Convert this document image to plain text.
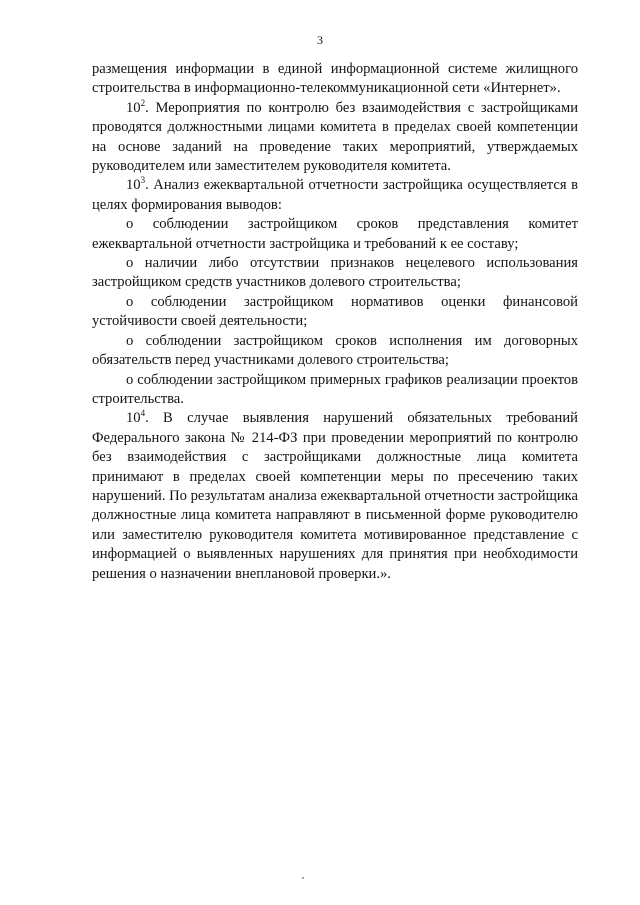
3

размещения информации в единой информационной системе жилищного строительства в информационно-телекоммуникационной сети «Интернет».

$10^2$. Мероприятия по контролю без взаимодействия с застройщиками проводятся должностными лицами комитета в пределах своей компетенции на основе заданий на проведение таких мероприятий, утверждаемых руководителем или заместителем руководителя комитета.

$10^3$. Анализ ежеквартальной отчетности застройщика осуществляется в целях формирования выводов:

о соблюдении застройщиком сроков представления комитет ежеквартальной отчетности застройщика и требований к ее составу;

о наличии либо отсутствии признаков нецелевого использования застройщиком средств участников долевого строительства;

о соблюдении застройщиком нормативов оценки финансовой устойчивости своей деятельности;

о соблюдении застройщиком сроков исполнения им договорных обязательств перед участниками долевого строительства;

о соблюдении застройщиком примерных графиков реализации проектов строительства.

$10^4$. В случае выявления нарушений обязательных требований Федерального закона № 214-ФЗ при проведении мероприятий по контролю без взаимодействия с застройщиками должностные лица комитета принимают в пределах своей компетенции меры по пресечению таких нарушений. По результатам анализа ежеквартальной отчетности застройщика должностные лица комитета направляют в письменной форме руководителю или заместителю руководителя комитета мотивированное представление с информацией о выявленных нарушениях для принятия при необходимости решения о назначении внеплановой проверки.».
